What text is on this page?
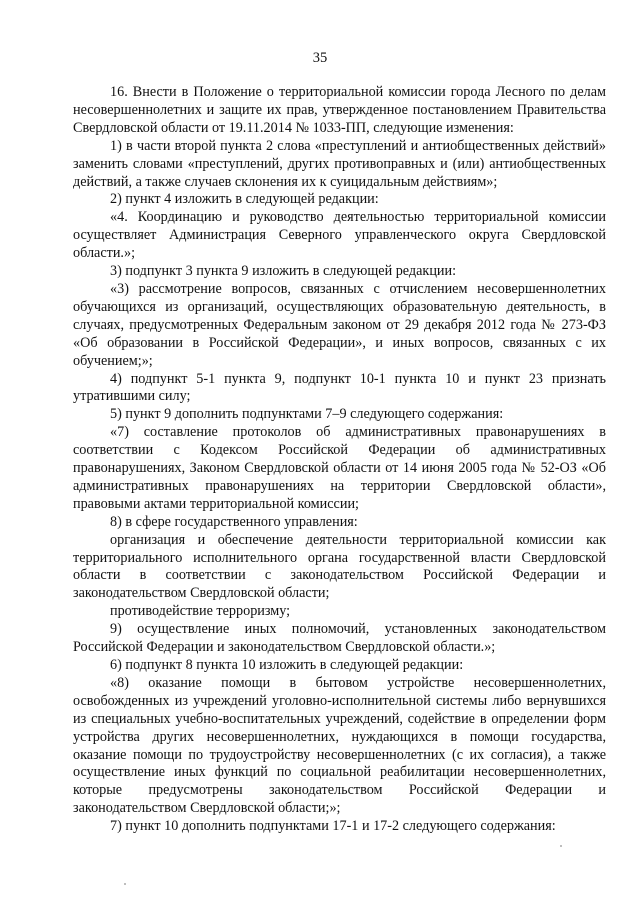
35

16. Внести в Положение о территориальной комиссии города Лесного по делам несовершеннолетних и защите их прав, утвержденное постановлением Правительства Свердловской области от 19.11.2014 № 1033-ПП, следующие изменения:

1) в части второй пункта 2 слова «преступлений и антиобщественных действий» заменить словами «преступлений, других противоправных и (или) антиобщественных действий, а также случаев склонения их к суицидальным действиям»;

2) пункт 4 изложить в следующей редакции:

«4. Координацию и руководство деятельностью территориальной комиссии осуществляет Администрация Северного управленческого округа Свердловской области.»;

3) подпункт 3 пункта 9 изложить в следующей редакции:

«3) рассмотрение вопросов, связанных с отчислением несовершеннолетних обучающихся из организаций, осуществляющих образовательную деятельность, в случаях, предусмотренных Федеральным законом от 29 декабря 2012 года № 273-ФЗ «Об образовании в Российской Федерации», и иных вопросов, связанных с их обучением;»;

4) подпункт 5-1 пункта 9, подпункт 10-1 пункта 10 и пункт 23 признать утратившими силу;

5) пункт 9 дополнить подпунктами 7–9 следующего содержания:

«7) составление протоколов об административных правонарушениях в соответствии с Кодексом Российской Федерации об административных правонарушениях, Законом Свердловской области от 14 июня 2005 года № 52-ОЗ «Об административных правонарушениях на территории Свердловской области», правовыми актами территориальной комиссии;

8) в сфере государственного управления:

организация и обеспечение деятельности территориальной комиссии как территориального исполнительного органа государственной власти Свердловской области в соответствии с законодательством Российской Федерации и законодательством Свердловской области;

противодействие терроризму;

9) осуществление иных полномочий, установленных законодательством Российской Федерации и законодательством Свердловской области.»;

6) подпункт 8 пункта 10 изложить в следующей редакции:

«8) оказание помощи в бытовом устройстве несовершеннолетних, освобожденных из учреждений уголовно-исполнительной системы либо вернувшихся из специальных учебно-воспитательных учреждений, содействие в определении форм устройства других несовершеннолетних, нуждающихся в помощи государства, оказание помощи по трудоустройству несовершеннолетних (с их согласия), а также осуществление иных функций по социальной реабилитации несовершеннолетних, которые предусмотрены законодательством Российской Федерации и законодательством Свердловской области;»;

7) пункт 10 дополнить подпунктами 17-1 и 17-2 следующего содержания:
